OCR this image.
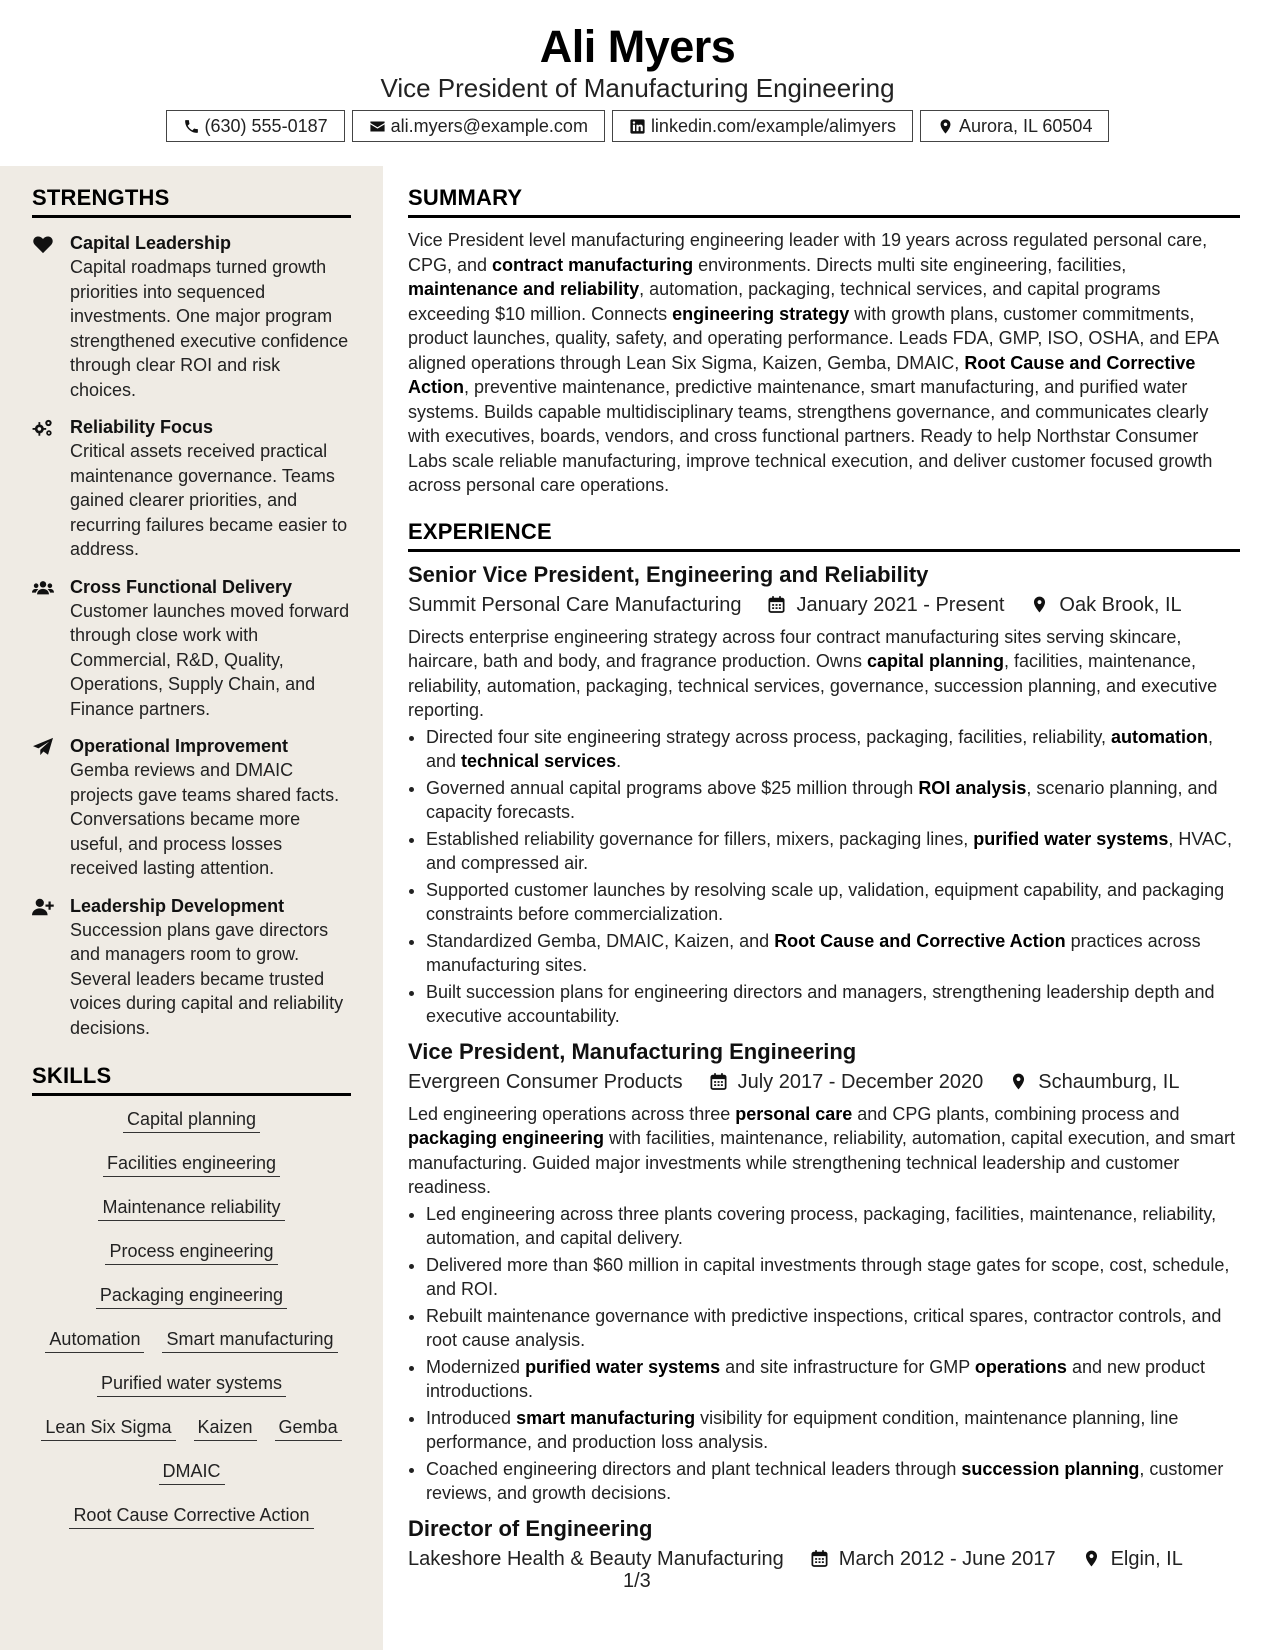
Ali Myers
Vice President of Manufacturing Engineering
(630) 555-0187	ali.myers@example.com	linkedin.com/example/alimyers	Aurora, IL 60504
STRENGTHS
Capital Leadership
Capital roadmaps turned growth priorities into sequenced investments. One major program strengthened executive confidence through clear ROI and risk choices.
Reliability Focus
Critical assets received practical maintenance governance. Teams gained clearer priorities, and recurring failures became easier to address.
Cross Functional Delivery
Customer launches moved forward through close work with Commercial, R&D, Quality, Operations, Supply Chain, and Finance partners.
Operational Improvement
Gemba reviews and DMAIC projects gave teams shared facts. Conversations became more useful, and process losses received lasting attention.
Leadership Development
Succession plans gave directors and managers room to grow. Several leaders became trusted voices during capital and reliability decisions.
SKILLS
Capital planning
Facilities engineering
Maintenance reliability
Process engineering
Packaging engineering
Automation Smart manufacturing
Purified water systems
Lean Six Sigma Kaizen Gemba
DMAIC
Root Cause Corrective Action
SUMMARY
Vice President level manufacturing engineering leader with 19 years across regulated personal care, CPG, and contract manufacturing environments. Directs multi site engineering, facilities, maintenance and reliability, automation, packaging, technical services, and capital programs exceeding $10 million. Connects engineering strategy with growth plans, customer commitments, product launches, quality, safety, and operating performance. Leads FDA, GMP, ISO, OSHA, and EPA aligned operations through Lean Six Sigma, Kaizen, Gemba, DMAIC, Root Cause and Corrective Action, preventive maintenance, predictive maintenance, smart manufacturing, and purified water systems. Builds capable multidisciplinary teams, strengthens governance, and communicates clearly with executives, boards, vendors, and cross functional partners. Ready to help Northstar Consumer Labs scale reliable manufacturing, improve technical execution, and deliver customer focused growth across personal care operations.
EXPERIENCE
Senior Vice President, Engineering and Reliability
Summit Personal Care Manufacturing	January 2021 - Present	Oak Brook, IL
Directs enterprise engineering strategy across four contract manufacturing sites serving skincare, haircare, bath and body, and fragrance production. Owns capital planning, facilities, maintenance, reliability, automation, packaging, technical services, governance, succession planning, and executive reporting.
• Directed four site engineering strategy across process, packaging, facilities, reliability, automation, and technical services.
• Governed annual capital programs above $25 million through ROI analysis, scenario planning, and capacity forecasts.
• Established reliability governance for fillers, mixers, packaging lines, purified water systems, HVAC, and compressed air.
• Supported customer launches by resolving scale up, validation, equipment capability, and packaging constraints before commercialization.
• Standardized Gemba, DMAIC, Kaizen, and Root Cause and Corrective Action practices across manufacturing sites.
• Built succession plans for engineering directors and managers, strengthening leadership depth and executive accountability.
Vice President, Manufacturing Engineering
Evergreen Consumer Products	July 2017 - December 2020	Schaumburg, IL
Led engineering operations across three personal care and CPG plants, combining process and packaging engineering with facilities, maintenance, reliability, automation, capital execution, and smart manufacturing. Guided major investments while strengthening technical leadership and customer readiness.
• Led engineering across three plants covering process, packaging, facilities, maintenance, reliability, automation, and capital delivery.
• Delivered more than $60 million in capital investments through stage gates for scope, cost, schedule, and ROI.
• Rebuilt maintenance governance with predictive inspections, critical spares, contractor controls, and root cause analysis.
• Modernized purified water systems and site infrastructure for GMP operations and new product introductions.
• Introduced smart manufacturing visibility for equipment condition, maintenance planning, line performance, and production loss analysis.
• Coached engineering directors and plant technical leaders through succession planning, customer reviews, and growth decisions.
Director of Engineering
Lakeshore Health & Beauty Manufacturing	March 2012 - June 2017	Elgin, IL
1/3
